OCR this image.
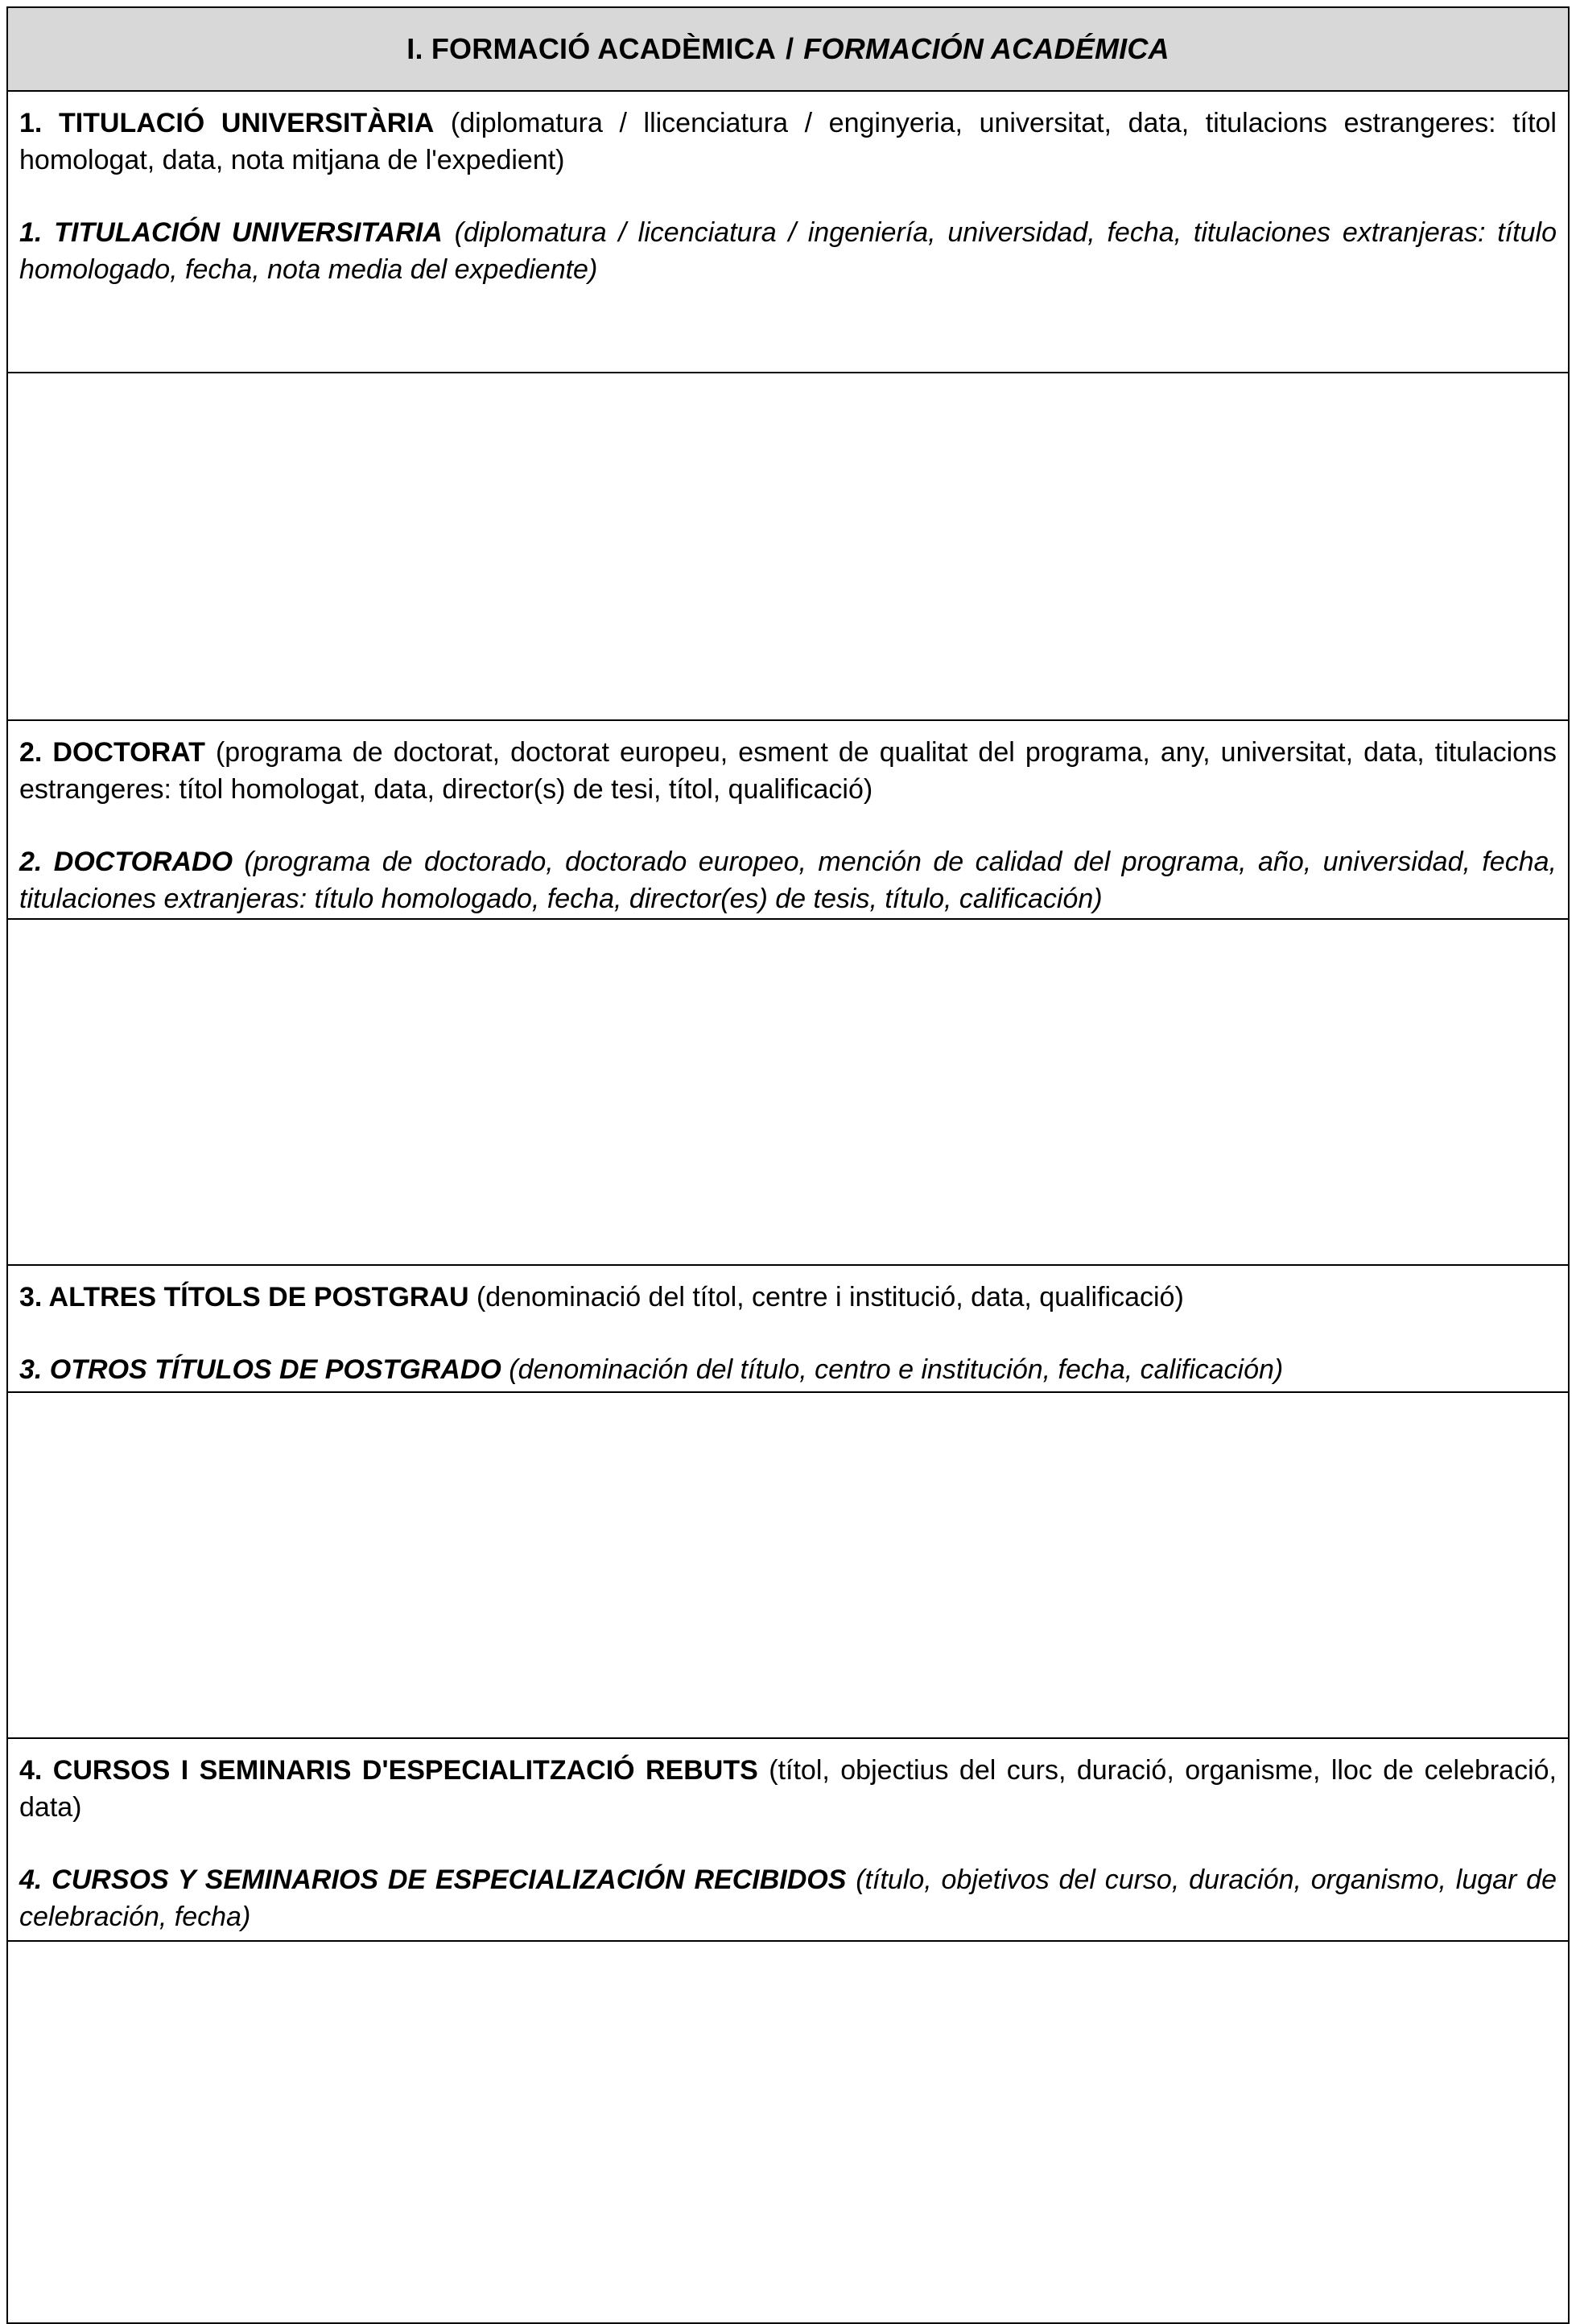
I. FORMACIÓ ACADÈMICA / FORMACIÓN ACADÉMICA

1. TITULACIÓ UNIVERSITÀRIA (diplomatura / llicenciatura / enginyeria, universitat, data, titulacions estrangeres: títol homologat, data, nota mitjana de l'expedient)

1. TITULACIÓN UNIVERSITARIA (diplomatura / licenciatura / ingeniería, universidad, fecha, titulaciones extranjeras: título homologado, fecha, nota media del expediente)

2. DOCTORAT (programa de doctorat, doctorat europeu, esment de qualitat del programa, any, universitat, data, titulacions estrangeres: títol homologat, data, director(s) de tesi, títol, qualificació)

2. DOCTORADO (programa de doctorado, doctorado europeo, mención de calidad del programa, año, universidad, fecha, titulaciones extranjeras: título homologado, fecha, director(es) de tesis, título, calificación)

3. ALTRES TÍTOLS DE POSTGRAU (denominació del títol, centre i institució, data, qualificació)

3. OTROS TÍTULOS DE POSTGRADO (denominación del título, centro e institución, fecha, calificación)

4. CURSOS I SEMINARIS D'ESPECIALITZACIÓ REBUTS (títol, objectius del curs, duració, organisme, lloc de celebració, data)

4. CURSOS Y SEMINARIOS DE ESPECIALIZACIÓN RECIBIDOS (título, objetivos del curso, duración, organismo, lugar de celebración, fecha)
